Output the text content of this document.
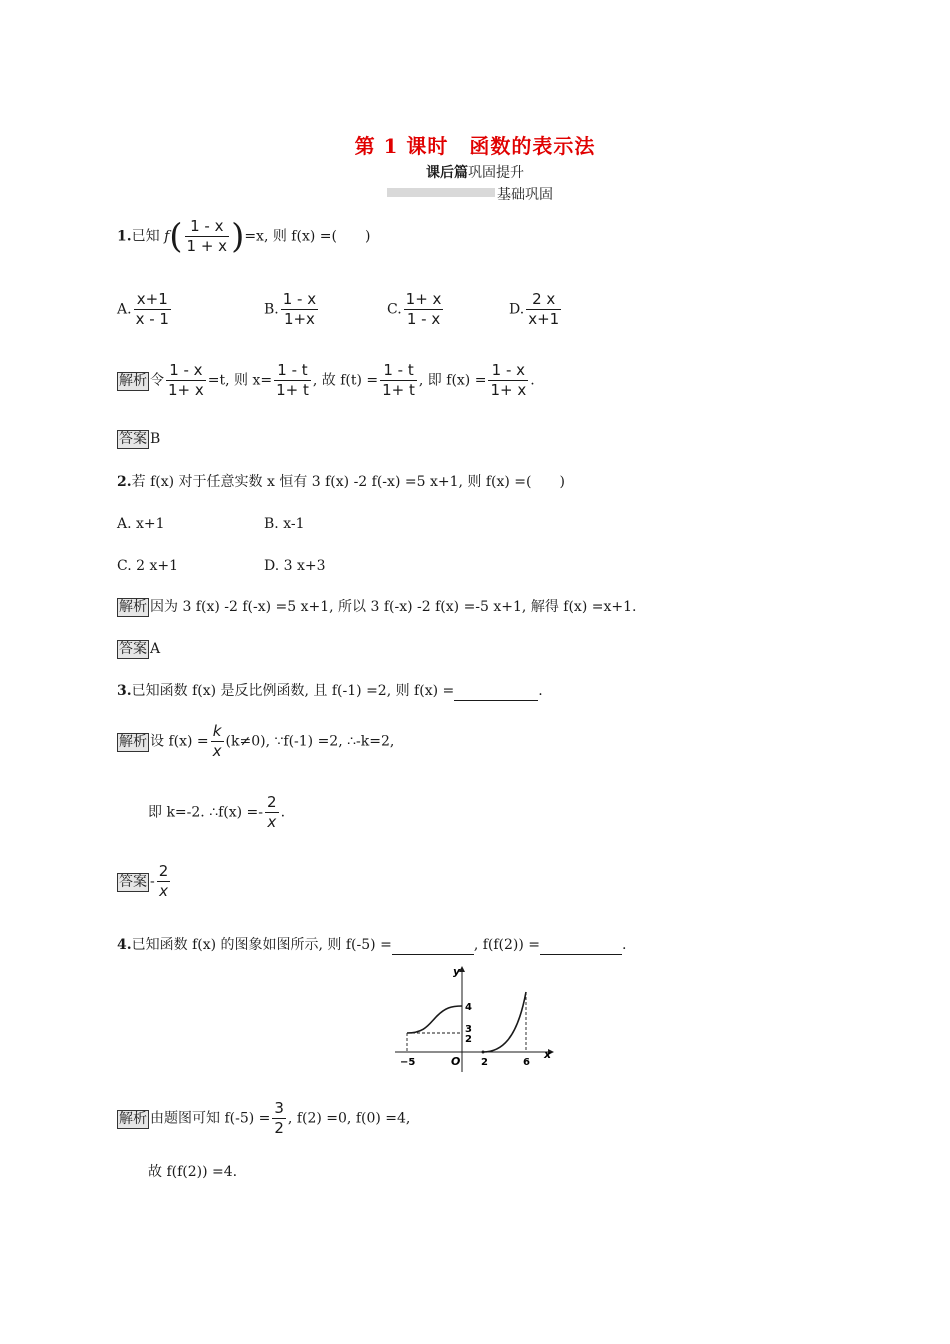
第 1 课时　函数的表示法
课后篇巩固提升
基础巩固
1.已知 $f( \frac{1 - x}{1 + x} )=x$, 则 f(x) =(　　)
A. $\frac{x+1}{x - 1}$	B. $\frac{1 - x}{1+x}$	C. $\frac{1+ x}{1 - x}$	D. $\frac{2 x}{x+1}$
解析 令 $\frac{1 - x}{1+ x} =t$, 则 $x= \frac{1 - t}{1+ t}$ , 故 $f(t) = \frac{1 - t}{1+ t}$ , 即 $f(x) = \frac{1 - x}{1+ x}$ .
答案 B
2.若 f(x) 对于任意实数 x 恒有 3 f(x) -2 f(-x) =5 x+1, 则 f(x) =(　　)
A. x+1	B. x-1
C. 2 x+1	D. 3 x+3
解析 因为 3 f(x) -2 f(-x) =5 x+1, 所以 3 f(-x) -2 f(x) =-5 x+1, 解得 f(x) =x+1.
答案 A
3.已知函数 f(x) 是反比例函数, 且 f(-1) =2, 则 f(x) =	.
解析 设 $f(x) = \frac{k}{x} (k\ne 0)$, ∵f(-1) =2, ∴-k=2,
即 k=-2. ∴f(x) =- $\frac{2}{x}$ .
答案 - $\frac{2}{x}$
4.已知函数 f(x) 的图象如图所示, 则 f(-5) =	, f(f(2)) =	.
y
x
O
−5	2	6
4
3
2
解析 由题图可知 $f(-5) = \frac{3}{2}$ , f(2) =0, f(0) =4,
故 f(f(2)) =4.
